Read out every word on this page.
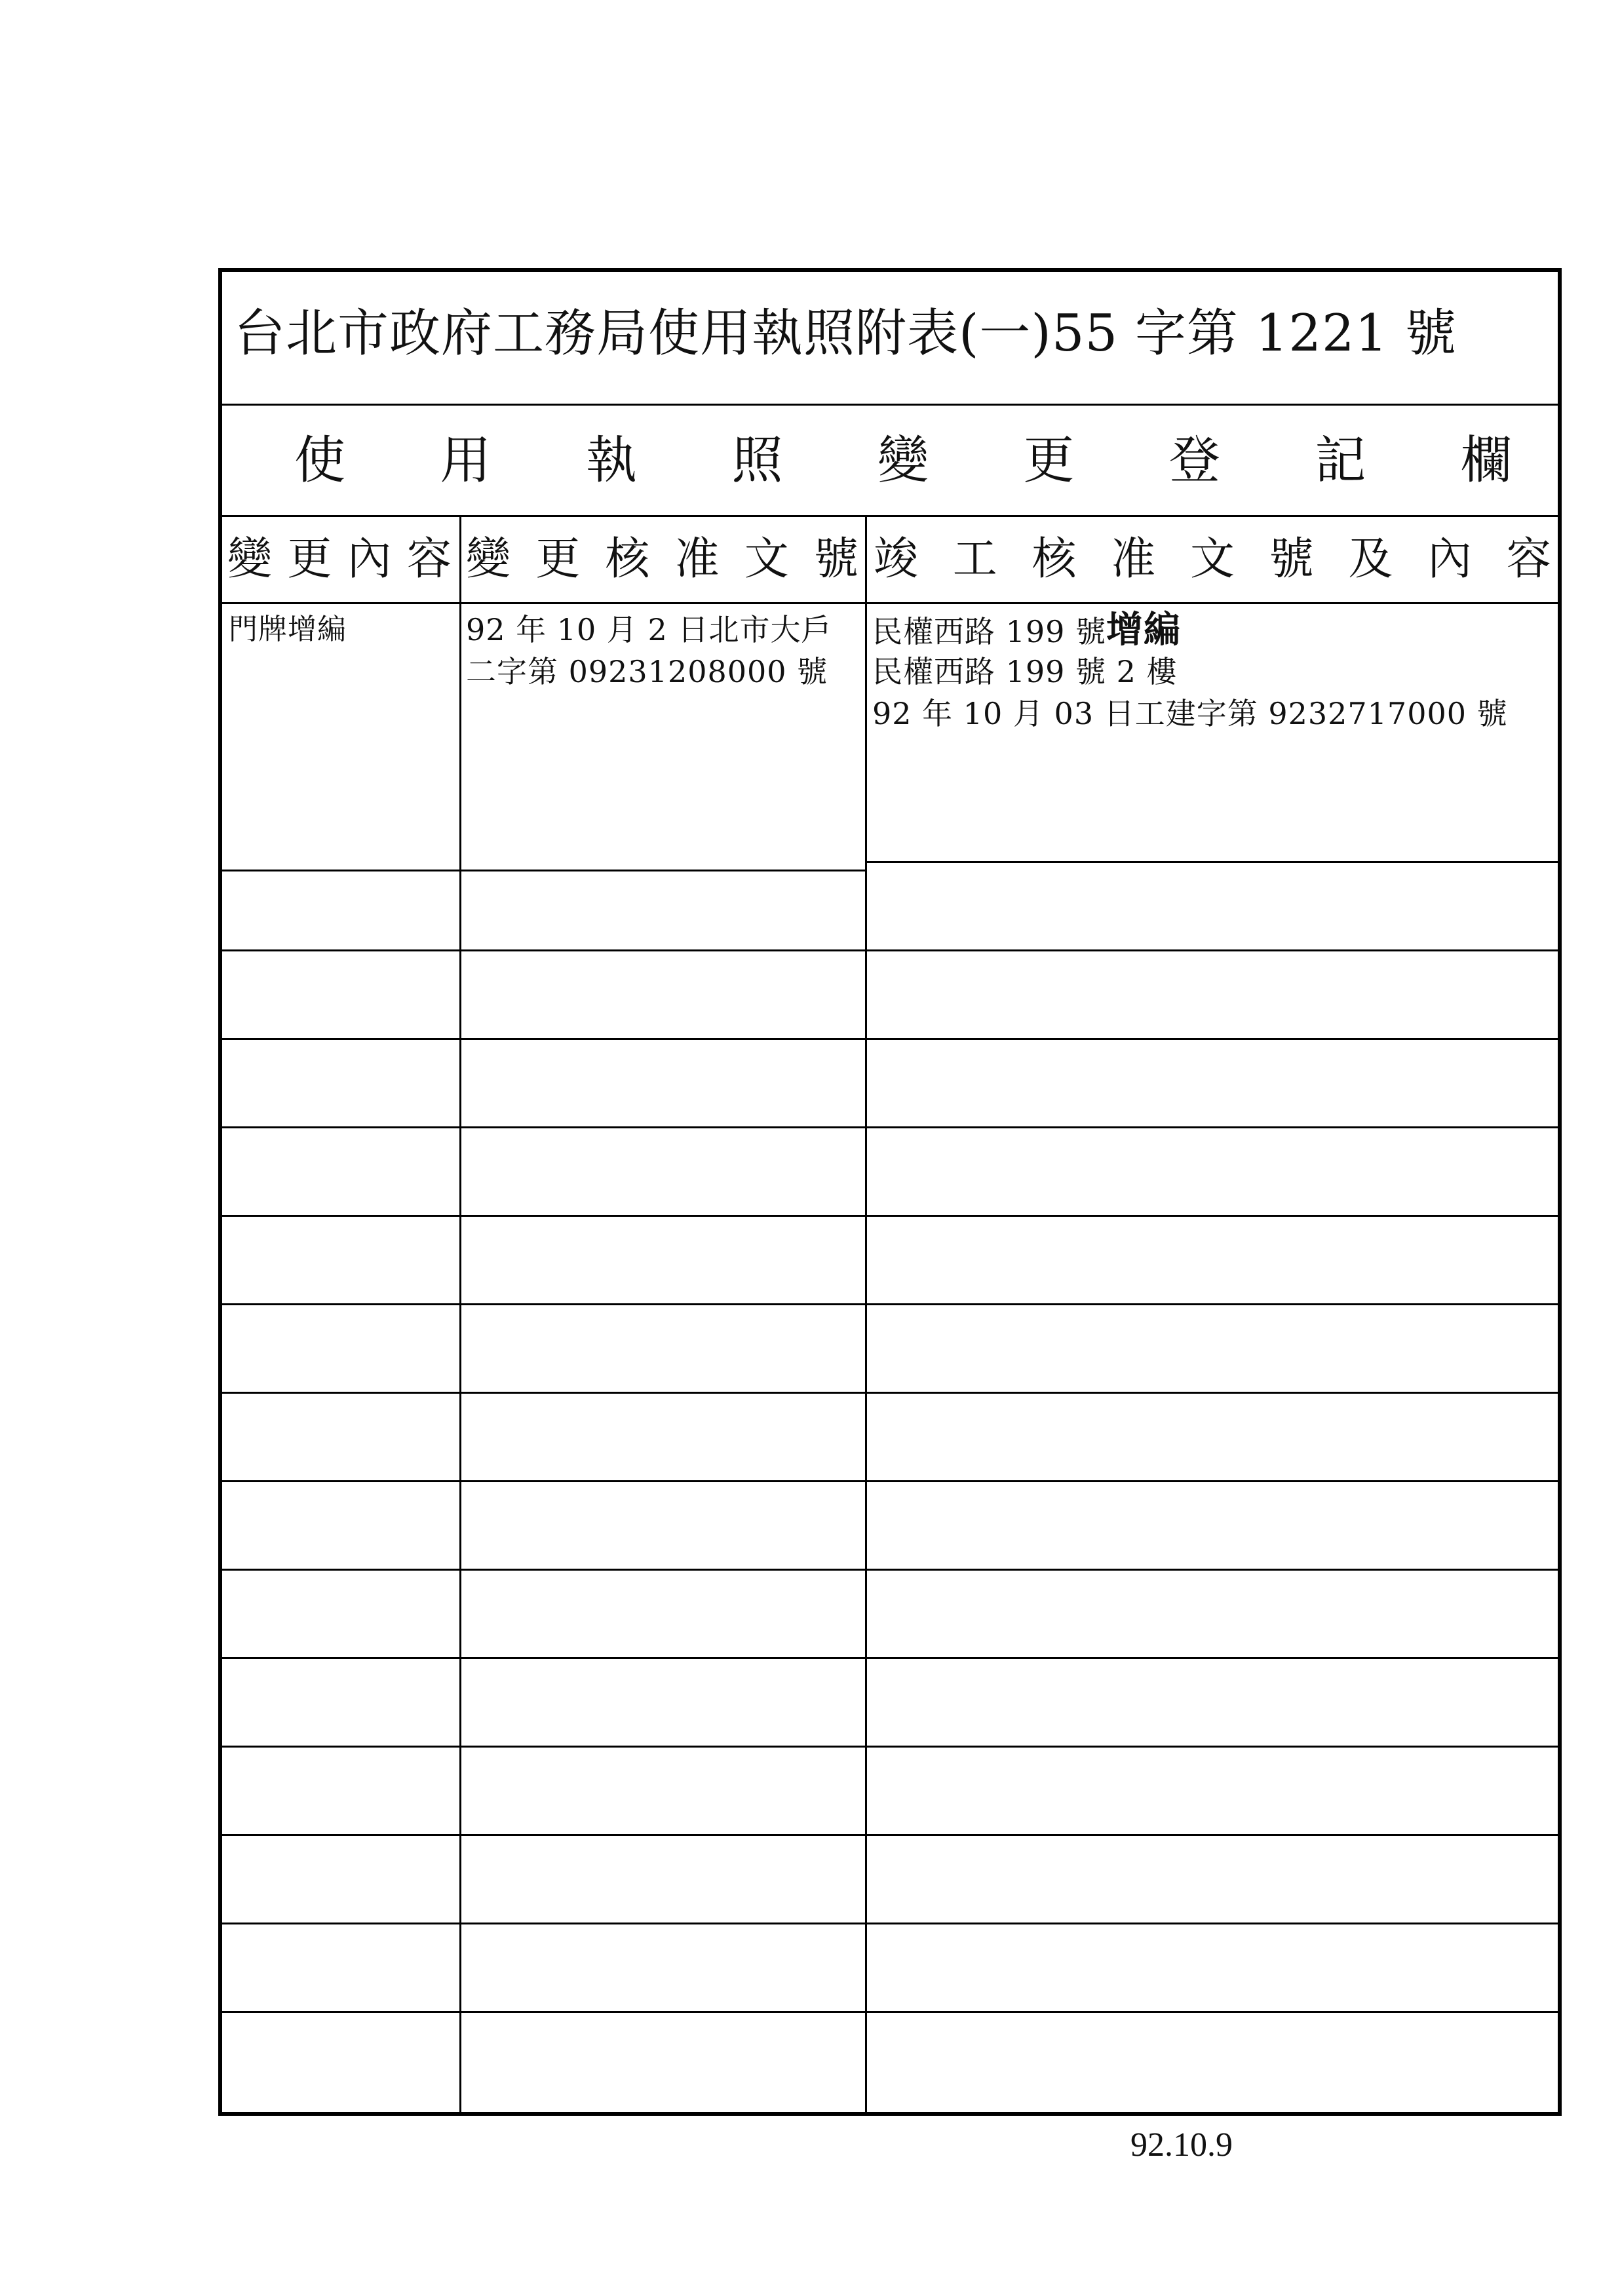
台北市政府工務局使用執照附表(一)55 字第 1221 號
使 用 執 照 變 更 登 記 欄
變 更 內 容 變 更 核 准 文 號 竣 工 核 准 文 號 及 內 容
門牌增編	92 年 10 月 2 日北市大戶
二字第 09231208000 號
民權西路 199 號增編
民權西路 199 號 2 樓
92 年 10 月 03 日工建字第 9232717000 號
92.10.9
